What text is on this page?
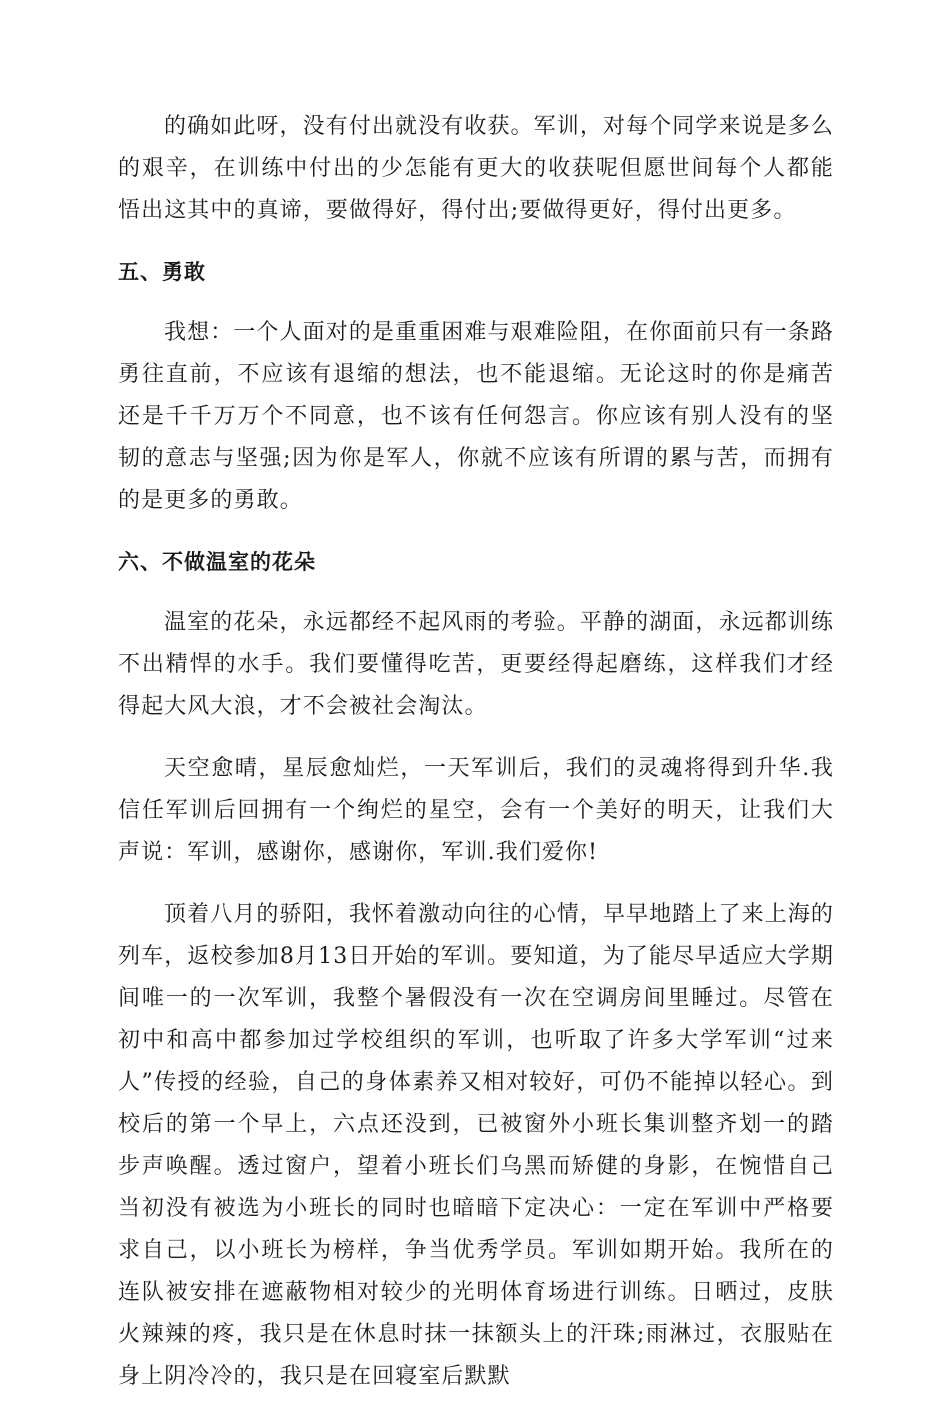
的确如此呀，没有付出就没有收获。军训，对每个同学来说是多么的艰辛，在训练中付出的少怎能有更大的收获呢但愿世间每个人都能悟出这其中的真谛，要做得好，得付出;要做得更好，得付出更多。

五、勇敢

我想：一个人面对的是重重困难与艰难险阻，在你面前只有一条路勇往直前，不应该有退缩的想法，也不能退缩。无论这时的你是痛苦还是千千万万个不同意，也不该有任何怨言。你应该有别人没有的坚韧的意志与坚强;因为你是军人，你就不应该有所谓的累与苦，而拥有的是更多的勇敢。

六、不做温室的花朵

温室的花朵，永远都经不起风雨的考验。平静的湖面，永远都训练不出精悍的水手。我们要懂得吃苦，更要经得起磨练，这样我们才经得起大风大浪，才不会被社会淘汰。

天空愈晴，星辰愈灿烂，一天军训后，我们的灵魂将得到升华.我信任军训后回拥有一个绚烂的星空，会有一个美好的明天，让我们大声说：军训，感谢你，感谢你，军训.我们爱你!

顶着八月的骄阳，我怀着激动向往的心情，早早地踏上了来上海的列车，返校参加8月13日开始的军训。要知道，为了能尽早适应大学期间唯一的一次军训，我整个暑假没有一次在空调房间里睡过。尽管在初中和高中都参加过学校组织的军训，也听取了许多大学军训“过来人”传授的经验，自己的身体素养又相对较好，可仍不能掉以轻心。到校后的第一个早上，六点还没到，已被窗外小班长集训整齐划一的踏步声唤醒。透过窗户，望着小班长们乌黑而矫健的身影，在惋惜自己当初没有被选为小班长的同时也暗暗下定决心：一定在军训中严格要求自己，以小班长为榜样，争当优秀学员。军训如期开始。我所在的连队被安排在遮蔽物相对较少的光明体育场进行训练。日晒过，皮肤火辣辣的疼，我只是在休息时抹一抹额头上的汗珠;雨淋过，衣服贴在身上阴冷冷的，我只是在回寝室后默默
